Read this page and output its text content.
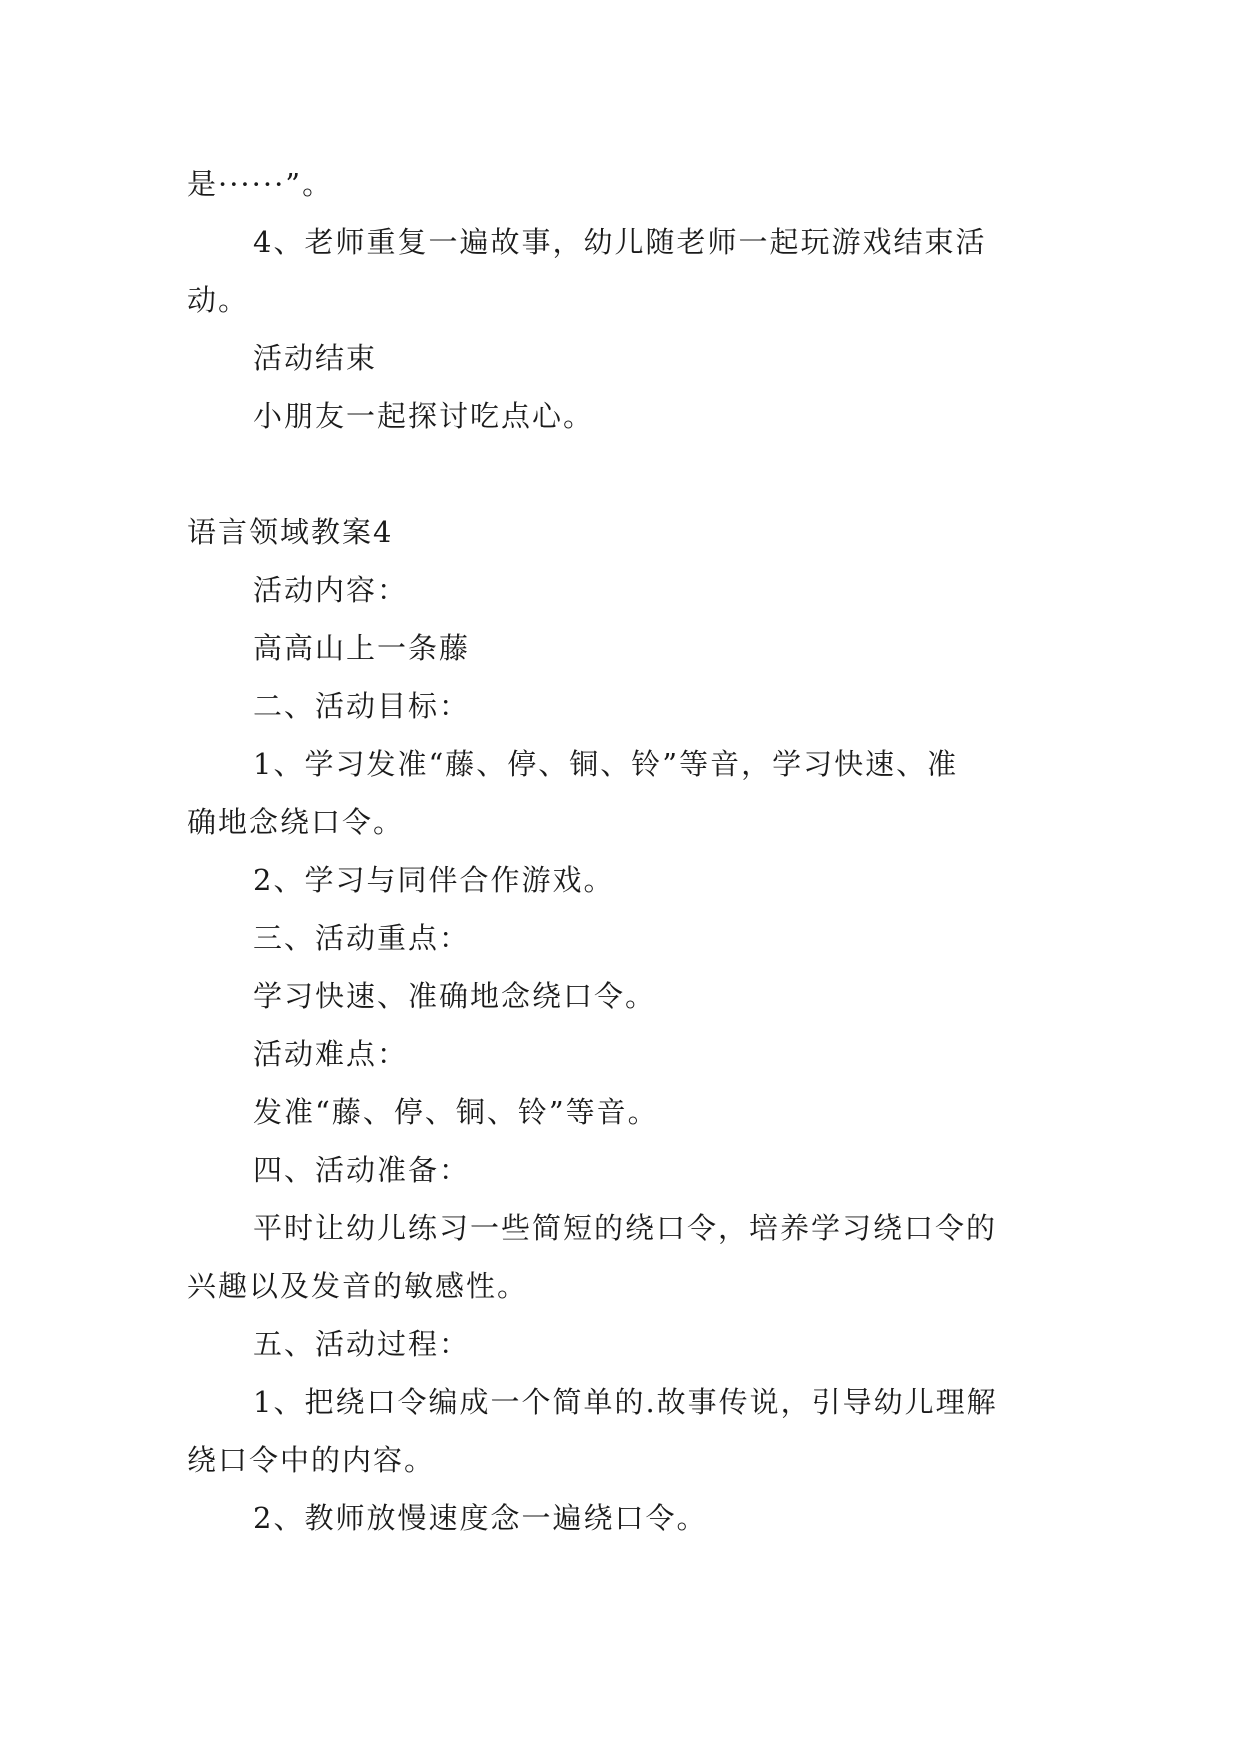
是······”。
4、老师重复一遍故事，幼儿随老师一起玩游戏结束活
动。
活动结束
小朋友一起探讨吃点心。
语言领域教案4
活动内容：
高高山上一条藤
二、活动目标：
1、学习发准“藤、停、铜、铃”等音，学习快速、准
确地念绕口令。
2、学习与同伴合作游戏。
三、活动重点：
学习快速、准确地念绕口令。
活动难点：
发准“藤、停、铜、铃”等音。
四、活动准备：
平时让幼儿练习一些简短的绕口令，培养学习绕口令的
兴趣以及发音的敏感性。
五、活动过程：
1、把绕口令编成一个简单的.故事传说，引导幼儿理解
绕口令中的内容。
2、教师放慢速度念一遍绕口令。
